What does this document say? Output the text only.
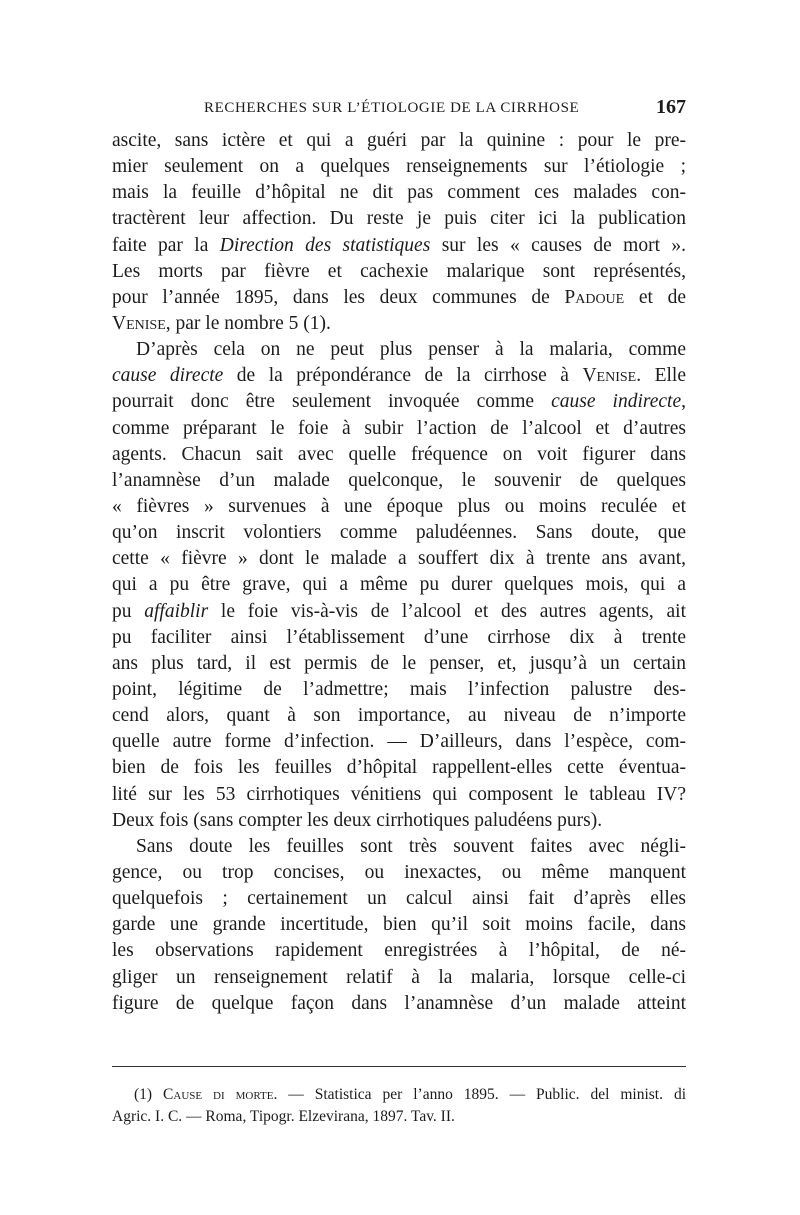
RECHERCHES SUR L’ÉTIOLOGIE DE LA CIRRHOSE	167
ascite, sans ictère et qui a guéri par la quinine : pour le pre-
mier seulement on a quelques renseignements sur l’étiologie ;
mais la feuille d’hôpital ne dit pas comment ces malades con-
tractèrent leur affection. Du reste je puis citer ici la publication
faite par la Direction des statistiques sur les « causes de mort ».
Les morts par fièvre et cachexie malarique sont représentés,
pour l’année 1895, dans les deux communes de Padoue et de
Venise, par le nombre 5 (1).
D’après cela on ne peut plus penser à la malaria, comme
cause directe de la prépondérance de la cirrhose à Venise. Elle
pourrait donc être seulement invoquée comme cause indirecte,
comme préparant le foie à subir l’action de l’alcool et d’autres
agents. Chacun sait avec quelle fréquence on voit figurer dans
l’anamnèse d’un malade quelconque, le souvenir de quelques
« fièvres » survenues à une époque plus ou moins reculée et
qu’on inscrit volontiers comme paludéennes. Sans doute, que
cette « fièvre » dont le malade a souffert dix à trente ans avant,
qui a pu être grave, qui a même pu durer quelques mois, qui a
pu affaiblir le foie vis-à-vis de l’alcool et des autres agents, ait
pu faciliter ainsi l’établissement d’une cirrhose dix à trente
ans plus tard, il est permis de le penser, et, jusqu’à un certain
point, légitime de l’admettre; mais l’infection palustre des-
cend alors, quant à son importance, au niveau de n’importe
quelle autre forme d’infection. — D’ailleurs, dans l’espèce, com-
bien de fois les feuilles d’hôpital rappellent-elles cette éventua-
lité sur les 53 cirrhotiques vénitiens qui composent le tableau IV?
Deux fois (sans compter les deux cirrhotiques paludéens purs).
Sans doute les feuilles sont très souvent faites avec négli-
gence, ou trop concises, ou inexactes, ou même manquent
quelquefois ; certainement un calcul ainsi fait d’après elles
garde une grande incertitude, bien qu’il soit moins facile, dans
les observations rapidement enregistrées à l’hôpital, de né-
gliger un renseignement relatif à la malaria, lorsque celle-ci
figure de quelque façon dans l’anamnèse d’un malade atteint
(1) Cause di morte. — Statistica per l’anno 1895. — Public. del minist. di
Agric. I. C. — Roma, Tipogr. Elzevirana, 1897. Tav. II.
